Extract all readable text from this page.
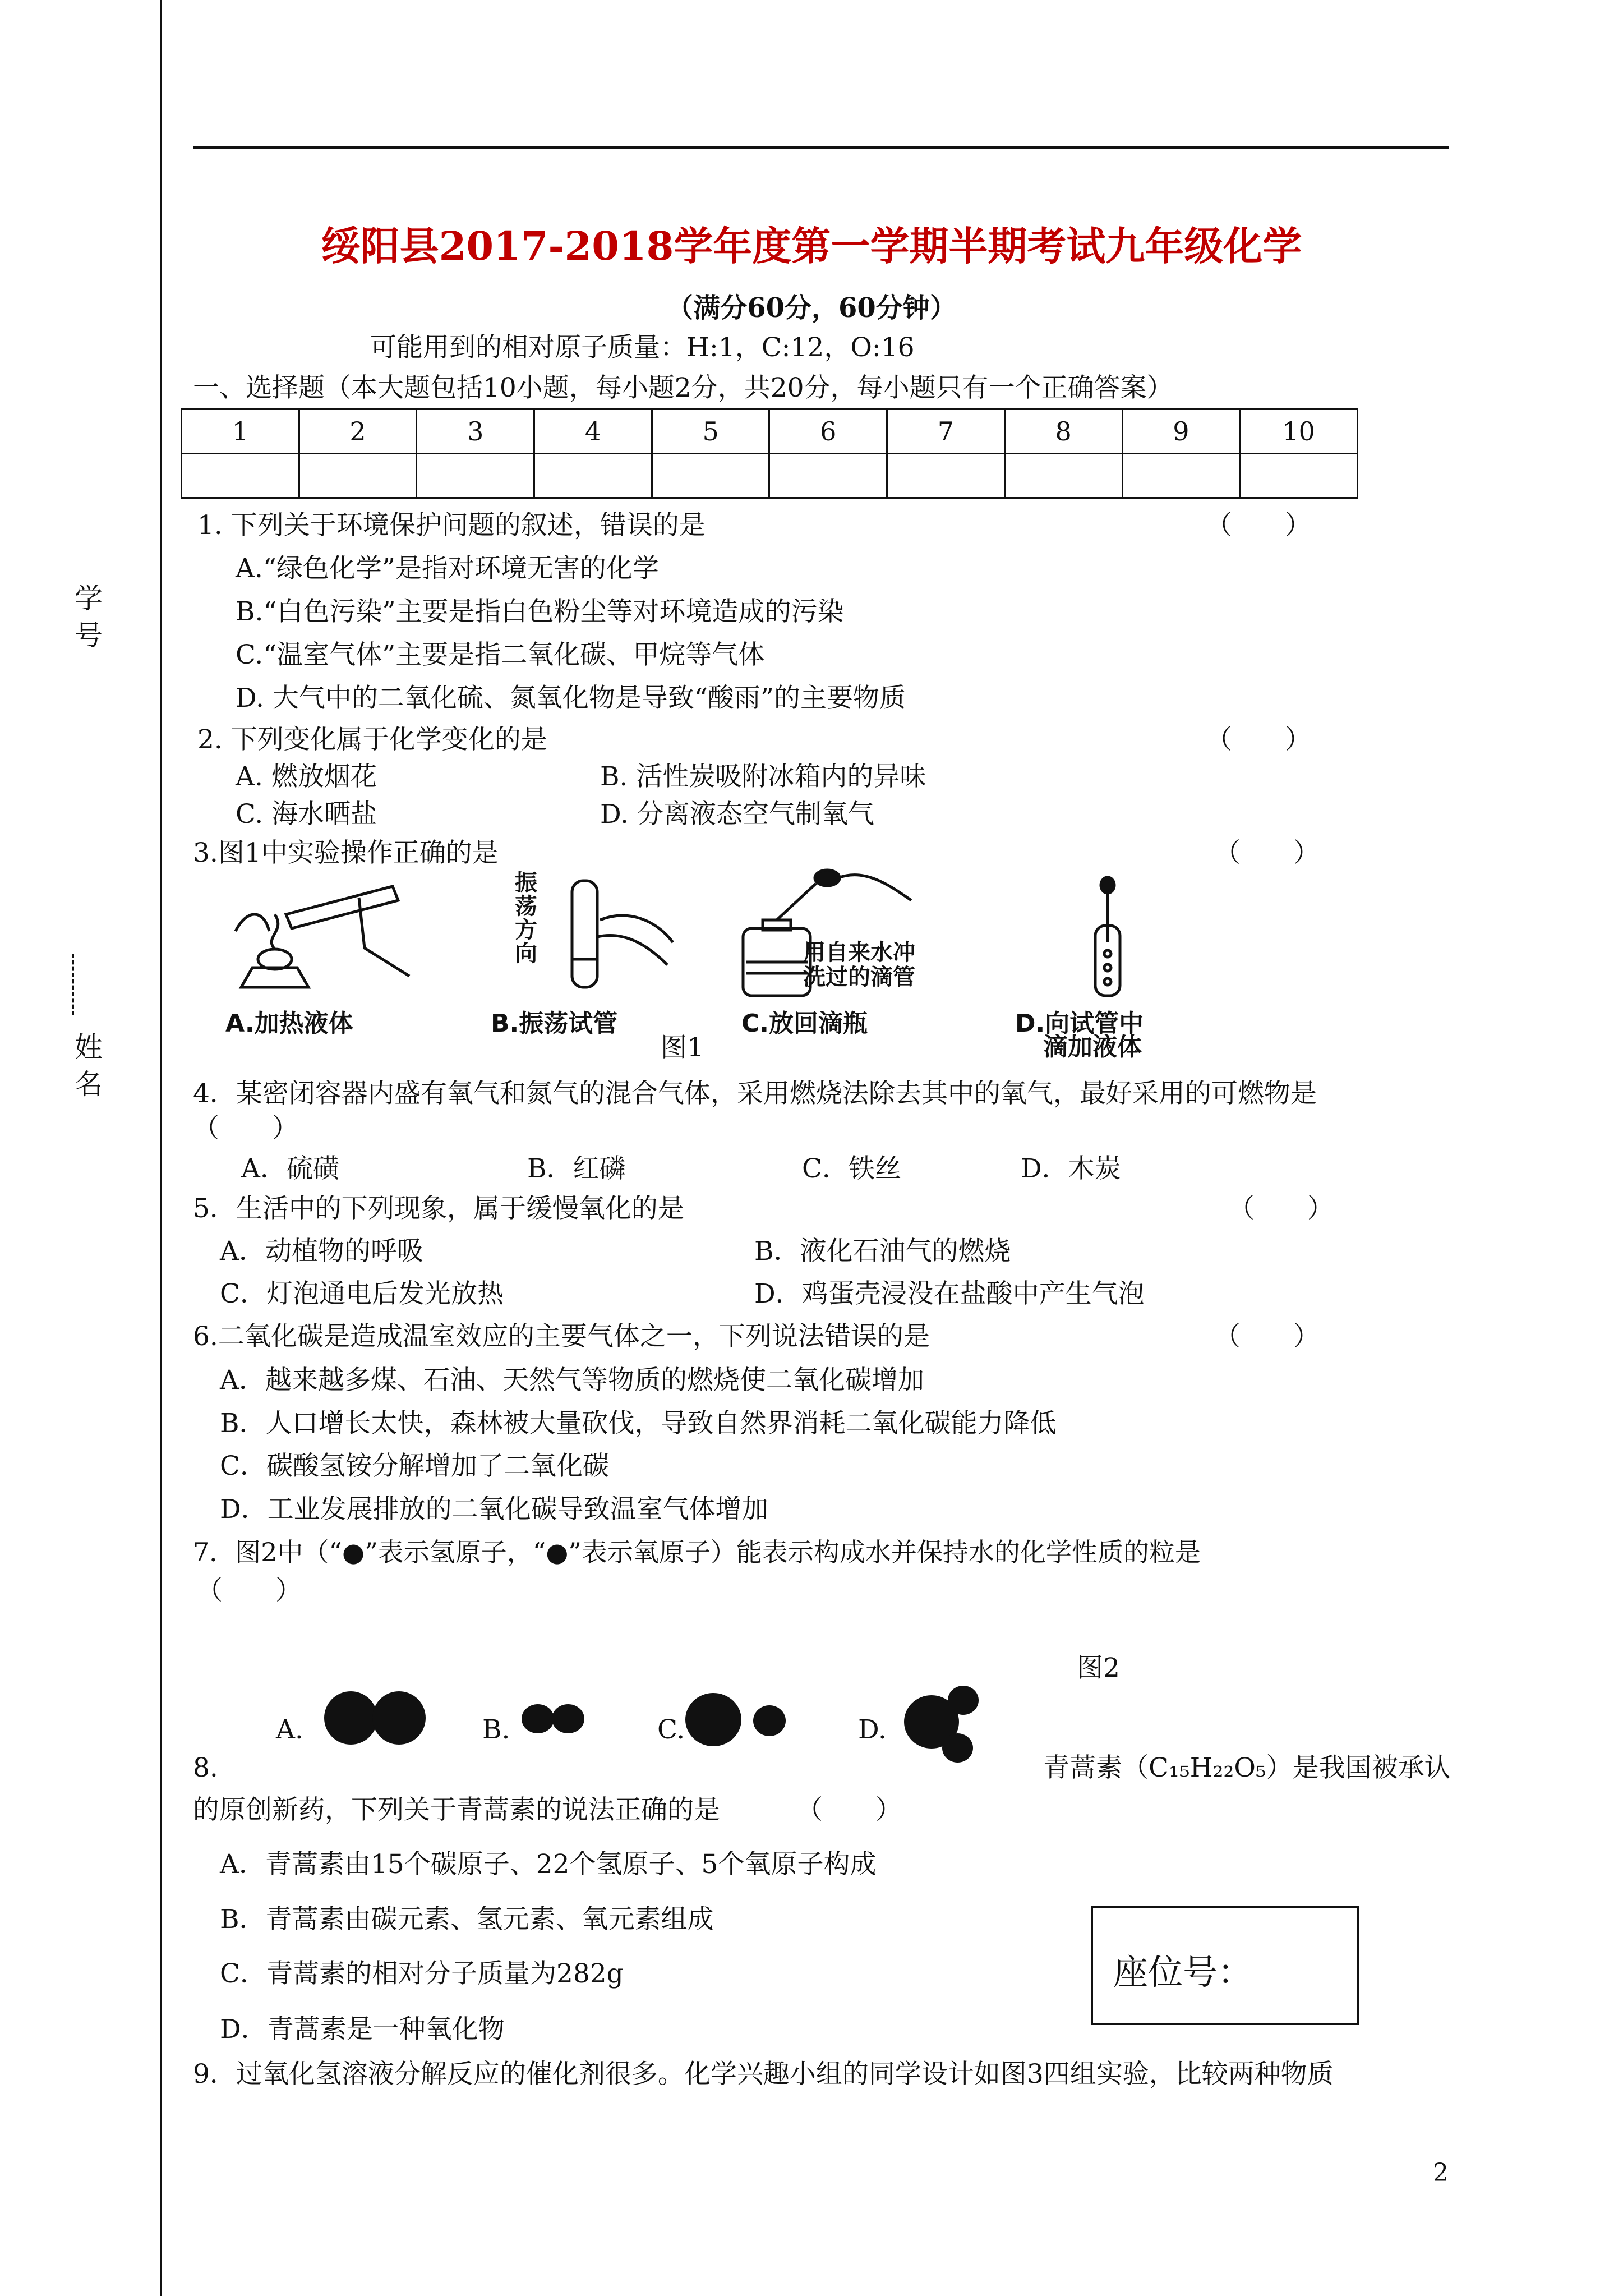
学 号
姓 名
绥阳县2017-2018学年度第一学期半期考试九年级化学
（满分60分，60分钟）
可能用到的相对原子质量：H:1，C:12，O:16
一、选择题（本大题包括10小题，每小题2分，共20分，每小题只有一个正确答案）
1	2	3	4	5	6	7	8	9	10

1. 下列关于环境保护问题的叙述，错误的是	（　　）
A.“绿色化学”是指对环境无害的化学
B.“白色污染”主要是指白色粉尘等对环境造成的污染
C.“温室气体”主要是指二氧化碳、甲烷等气体
D. 大气中的二氧化硫、氮氧化物是导致“酸雨”的主要物质
2. 下列变化属于化学变化的是	（　　）
A. 燃放烟花	B. 活性炭吸附冰箱内的异味
C. 海水晒盐	D. 分离液态空气制氧气
3.图1中实验操作正确的是	（　　）
振
荡
方
向	用自来水冲
洗过的滴管
A.加热液体	B.振荡试管	C.放回滴瓶	D.向试管中
滴加液体
图1
4．某密闭容器内盛有氧气和氮气的混合气体，采用燃烧法除去其中的氧气，最好采用的可燃物是
（　　）
A．硫磺	B．红磷	C．铁丝	D．木炭
5．生活中的下列现象，属于缓慢氧化的是	（　　）
A．动植物的呼吸	B．液化石油气的燃烧
C．灯泡通电后发光放热	D．鸡蛋壳浸没在盐酸中产生气泡
6.二氧化碳是造成温室效应的主要气体之一，下列说法错误的是	（　　）
A．越来越多煤、石油、天然气等物质的燃烧使二氧化碳增加
B．人口增长太快，森林被大量砍伐，导致自然界消耗二氧化碳能力降低
C．碳酸氢铵分解增加了二氧化碳
D．工业发展排放的二氧化碳导致温室气体增加
7．图2中（“●”表示氢原子，“●”表示氧原子）能表示构成水并保持水的化学性质的粒是
（　　）
图2
A.	B.	C.	D.
8.	青蒿素（C₁₅H₂₂O₅）是我国被承认
的原创新药，下列关于青蒿素的说法正确的是	（　　）
A．青蒿素由15个碳原子、22个氢原子、5个氧原子构成
B．青蒿素由碳元素、氢元素、氧元素组成
C．青蒿素的相对分子质量为282g
D．青蒿素是一种氧化物
座位号：
9．过氧化氢溶液分解反应的催化剂很多。化学兴趣小组的同学设计如图3四组实验，比较两种物质
2
